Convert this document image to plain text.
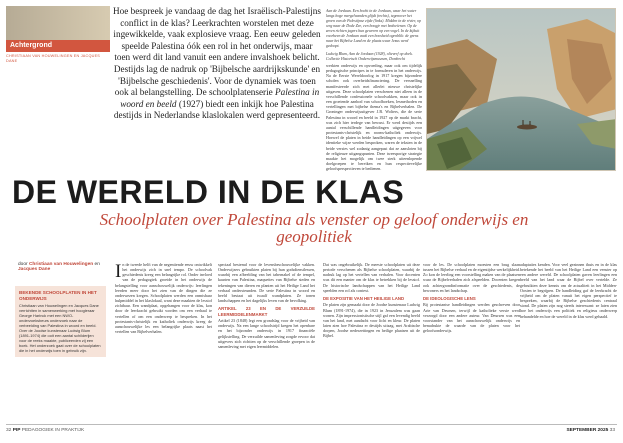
Achtergrond
CHRISTIAAN VAN HOUWELINGEN EN JACQUES DANE
Hoe bespreek je vandaag de dag het Israëlisch-Palestijns conflict in de klas? Leerkrachten worstelen met deze ingewikkelde, vaak explosieve vraag. Een eeuw geleden speelde Palestina óók een rol in het onderwijs, maar toen werd dit land vanuit een andere invalshoek belicht. Destijds lag de nadruk op 'Bijbelsche aardrijkskunde' en 'Bijbelsche geschiedenis'. Voor de dynamiek was toen ook al belangstelling. De schoolplatenserie Palestina in woord en beeld (1927) biedt een inkijk hoe Palestina destijds in Nederlandse klaslokalen werd gepresenteerd.

Aan de Jordaan. Een bocht in de Jordaan, waar het water langs hoge mergelwanden glijdt (rechts), tegenover het groen van de Palestijnse zijde (links). Midden in de rivier, op weg naar de Dode Zee, een boogje met bedoeïenen. Op de zeven richten jagers hun geweren op een vogel. In de kijkuit voorheen de Jordaan vaak een boosheid ogenblik: de grens naar het Bijbelse Land en de plaats waar Jezus werd gedoopt.

Ludwig Blum, Aan de Jordaan (1928), olieverf op doek. Collectie Historisch Onderwijsmuseum, Dordrecht

werkten onderwijs en opvoeding, maar ook om tijdelijk pedagogische principes in te formuleren in het onderwijs. Na de Eerste Wereldoorlog in 1917 kregen bijzondere scholen ook overheidsfinanciering. De versnelling manifesteerde zich met allerlei nieuwe christelijke uitgaven. Deze schoolplaten verschenen niet alleen in de verschillende confessionele schoolvakken, maar ook in een groeiende aanbod van schoolboeken, lesmethoden en vertellingen met bijbelse thema's en Bijbelverhalen. De Groninger onderwijsuitgever J.B. Wolters, die de serie Palestina in woord en beeld in 1927 op de markt bracht, was zich hier terdege van bewust. Er werd destijds een aantal verschillende handleidingen uitgegeven voor protestants-christelijk en rooms-katholiek onderwijs. Hoewel de platen in beide handleidingen op een vrijwel identieke wijze werden besproken, waren de teksten in de beide versies wel zodanig aangepast dat ze aansloten bij de religieuze uitgangspunten. Deze tweesporige strategie maakte het mogelijk om twee sterk uiteenlopende doelgroepen te bereiken en hun respectievelijke geloofsperspectieven te bedienen.
DE WERELD IN DE KLAS
Schoolplaten over Palestina als venster op geloof onderwijs en geopolitiek
door Christiaan van Houwelingen en Jacques Dane
BEKENDE SCHOOLPLATEN IN HET ONDERWIJS
Christiaan van Houwelingen en Jacques Dane verrichtten in samenwerking met hoogleraar George Harinck met een NWO-onderzoeksbeurs onderzoek naar de verbeelding van Palestina in woord en beeld. Over de Joodse kunstenaar Ludwig Blum (1891-1974) die ooit een aantal schilderijen voor de reeks maakte, publiceerden zij een boek. Het onderzoek gaat over de schoolplaten die in het onderwijs toen in gebruik zijn.
I n de tweede helft van de negentiende eeuw ontwikkelt het onderwijs zich in snel tempo. De schoolvak geschiedenis kreeg een belangrijke rol. Onder invloed van de pedagogiek groeide in het onderwijs de belangstelling voor aanschouwelijk onderwijs: leerlingen leerden meer door het zien van de dingen die ze onderwezen kregen. Schoolplaten werden een onmisbaar hulpmiddel in het klaslokaal, want deze maakten de lesstof zichtbaar. Een wandplaat, opgehangen voor de klas, kon door de leerkracht gebruikt worden om een verhaal te vertellen of om een onderwerp te bespreken. In het protestants-christelijk en katholiek onderwijs kreeg de aanschouwelijke les een belangrijke plaats naast het vertellen van Bijbelverhalen.

speciaal bestemd voor de levensbeschouwelijke vakken. Onderwijzers gebruikten platen bij hun godsdienstlessen, waarbij een afbeelding van het tabernakel of de tempel, kaarten van Palestina, maquettes van Bijbelse steden en tekeningen van dieren en planten uit het Heilige Land het verhaal ondersteunden. De serie Palestina in woord en beeld bestaat uit twaalf wandplaten. Ze tonen landschappen en het dagelijks leven van de bevolking.

ARTIKEL 23 EN DE VERZUILDE LEERMIDDELENMARKT

Artikel 23 (1848) legt een grondslag voor de vrijheid van onderwijs. Na een lange schoolstrijd kregen het openbare en het bijzonder onderwijs in 1917 financiële gelijkstelling. De verzuilde samenleving zorgde ervoor dat uitgevers zich richtten op de verschillende groepen in de samenleving met eigen leermiddelen.

Dat was ongebruikelijk. De meeste schoolplaten uit deze periode verschenen als Bijbelse schoolplaten, waarbij de nadruk lag op het vertellen van verhalen. Voor docenten was dit een manier om de klas te betrekken bij de lesstof. De historische landschappen van het Heilige Land speelden een rol als context.

DE EXPOSITIE VAN HET HEILIGE LAND

De platen zijn gemaakt door de Joodse kunstenaar Ludwig Blum (1891-1974), die in 1923 in Jeruzalem was gaan wonen. Zijn impressionistische stijl gaf een levendig beeld van het land, met aandacht voor licht en kleur. De platen laten zien hoe Palestina er destijds uitzag, met Arabische dorpen, Joodse nederzettingen en heilige plaatsen uit de Bijbel.

voor de les. De schoolplaten moesten een brug slaan tussen het Bijbelse verhaal en de eigentijdse werkelijkheid. Zo kon de leerling een voorstelling maken van de plaatsen waar de Bijbelverhalen zich afspeelden. Docenten kregen ook achtergrondinformatie over de geschiedenis, de bewoners en het landschap.

DE IDEOLOGISCHE LENS

Bij protestantse handleidingen werden geschreven door Arie van Deursen, terwijl de katholieke versie werd verzorgd door een andere auteur. Van Deursen was een voorstander van het aanschouwelijk onderwijs en benadrukte de waarde van de platen voor het geloofsonderwijs.

adaptaties kenden. Voor veel gezinnen thuis en in de klas betekende het beeld van het Heilige Land een venster op een andere wereld. De schoolplaten gaven leerlingen een beeld van het land waar de Bijbel over vertelde. Ze gebruikten deze kennis om de actualiteit in het Midden-Oosten te begrijpen. De handleiding gaf de leerkracht de vrijheid om de platen vanuit het eigen perspectief te bespreken, waarbij de Bijbelse geschiedenis centraal stond. De platen zijn nog steeds interessant: ze laten zien hoe het onderwijs een politiek en religieus onderwerp behandelde en hoe de wereld in de klas werd gehaald.
32 PIP PEDAGOGIEK IN PRAKTIJK	SEPTEMBER 2025 33
